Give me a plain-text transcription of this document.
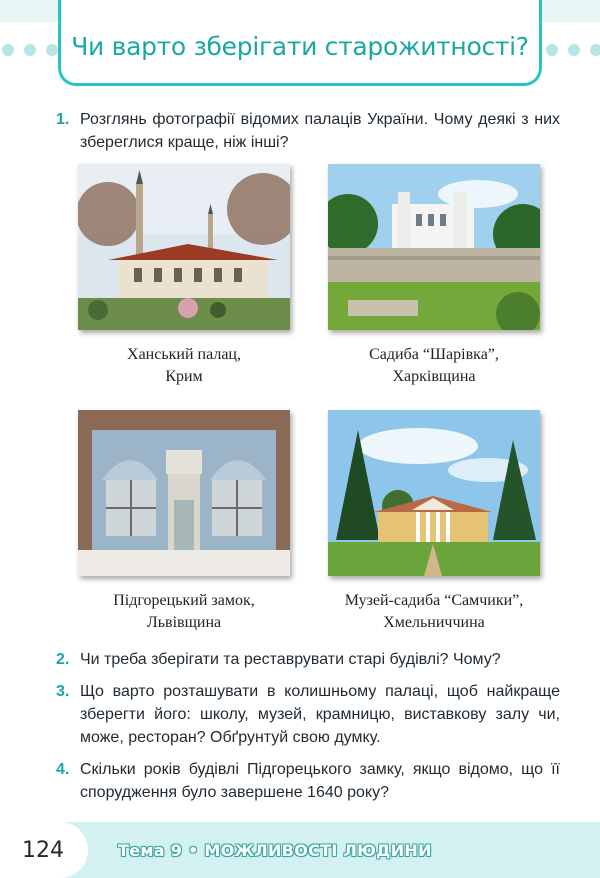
Чи варто зберігати старожитності?
1. Розглянь фотографії відомих палаців України. Чому деякі з них збереглися краще, ніж інші?
Ханський палац,
Крим
Садиба “Шарівка”,
Харківщина
Підгорецький замок,
Львівщина
Музей-садиба “Самчики”,
Хмельниччина
2. Чи треба зберігати та реставрувати старі будівлі? Чому?
3. Що варто розташувати в колишньому палаці, щоб найкраще зберегти його: школу, музей, крамницю, виставкову залу чи, може, ресторан? Обґрунтуй свою думку.
4. Скільки років будівлі Підгорецького замку, якщо відомо, що її спорудження було завершене 1640 року?
124	Тема 9 • МОЖЛИВОСТІ ЛЮДИНИ
